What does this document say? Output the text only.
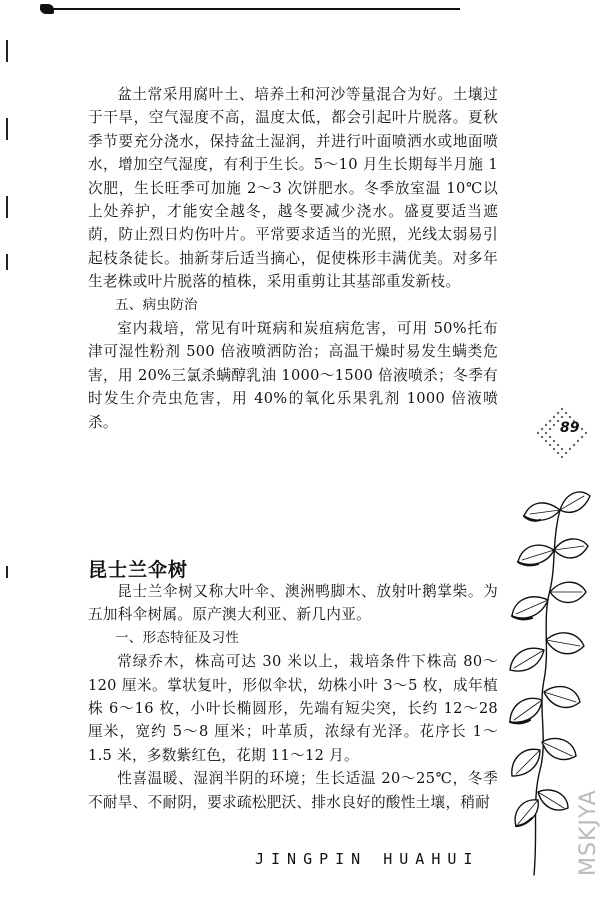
盆土常采用腐叶土、培养土和河沙等量混合为好。土壤过于干旱，空气湿度不高，温度太低，都会引起叶片脱落。夏秋季节要充分浇水，保持盆土湿润，并进行叶面喷洒水或地面喷水，增加空气湿度，有利于生长。5～10 月生长期每半月施 1 次肥，生长旺季可加施 2～3 次饼肥水。冬季放室温 10℃以上处养护，才能安全越冬，越冬要减少浇水。盛夏要适当遮荫，防止烈日灼伤叶片。平常要求适当的光照，光线太弱易引起枝条徒长。抽新芽后适当摘心，促使株形丰满优美。对多年生老株或叶片脱落的植株，采用重剪让其基部重发新枝。

五、病虫防治

室内栽培，常见有叶斑病和炭疽病危害，可用 50%托布津可湿性粉剂 500 倍液喷洒防治；高温干燥时易发生螨类危害，用 20%三氯杀螨醇乳油 1000～1500 倍液喷杀；冬季有时发生介壳虫危害，用 40%的氧化乐果乳剂 1000 倍液喷杀。	89
昆士兰伞树

昆士兰伞树又称大叶伞、澳洲鸭脚木、放射叶鹅掌柴。为五加科伞树属。原产澳大利亚、新几内亚。

一、形态特征及习性

常绿乔木，株高可达 30 米以上，栽培条件下株高 80～120 厘米。掌状复叶，形似伞状，幼株小叶 3～5 枚，成年植株 6～16 枚，小叶长椭圆形，先端有短尖突，长约 12～28 厘米，宽约 5～8 厘米；叶革质，浓绿有光泽。花序长 1～1.5 米，多数紫红色，花期 11～12 月。

性喜温暖、湿润半阴的环境；生长适温 20～25℃，冬季不耐旱、不耐阴，要求疏松肥沃、排水良好的酸性土壤，稍耐

JINGPIN HUAHUI	MSKJYA
